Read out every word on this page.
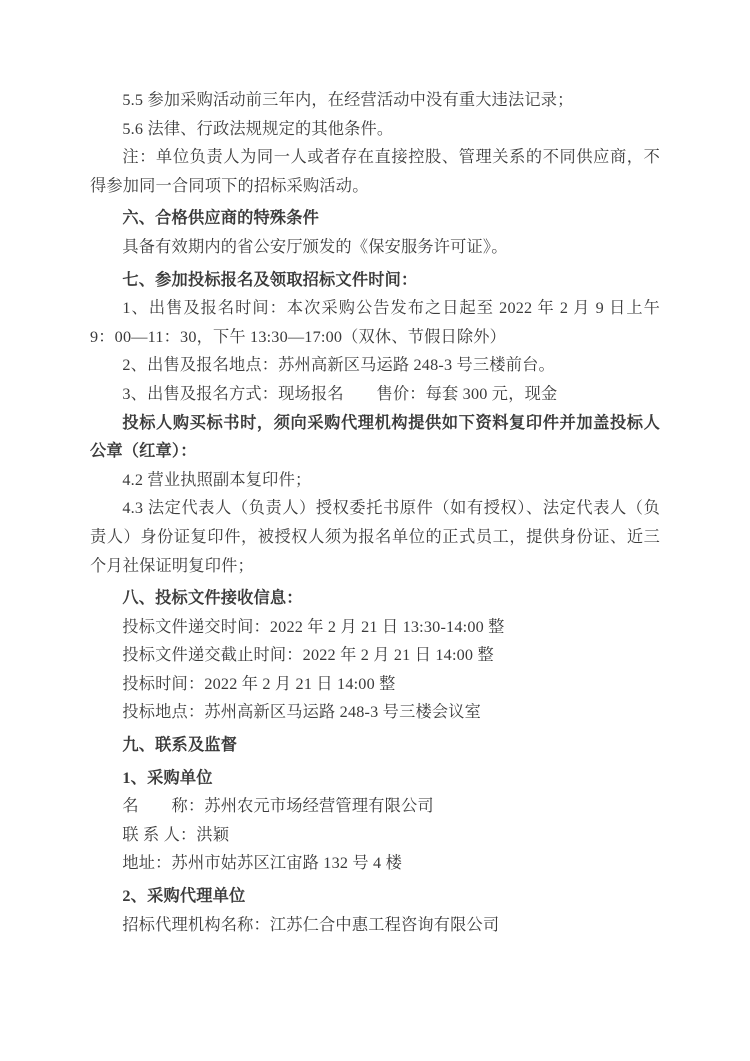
5.5 参加采购活动前三年内，在经营活动中没有重大违法记录；

5.6 法律、行政法规规定的其他条件。

注：单位负责人为同一人或者存在直接控股、管理关系的不同供应商，不得参加同一合同项下的招标采购活动。

六、合格供应商的特殊条件

具备有效期内的省公安厅颁发的《保安服务许可证》。

七、参加投标报名及领取招标文件时间：

1、出售及报名时间：本次采购公告发布之日起至 2022 年 2 月 9 日上午 9：00—11：30，下午 13:30—17:00（双休、节假日除外）

2、出售及报名地点：苏州高新区马运路 248-3 号三楼前台。

3、出售及报名方式：现场报名　　售价：每套 300 元，现金

投标人购买标书时，须向采购代理机构提供如下资料复印件并加盖投标人公章（红章）：

4.2 营业执照副本复印件；

4.3 法定代表人（负责人）授权委托书原件（如有授权）、法定代表人（负责人）身份证复印件，被授权人须为报名单位的正式员工，提供身份证、近三个月社保证明复印件；

八、投标文件接收信息：

投标文件递交时间：2022 年 2 月 21 日 13:30-14:00 整

投标文件递交截止时间：2022 年 2 月 21 日 14:00 整

投标时间：2022 年 2 月 21 日 14:00 整

投标地点：苏州高新区马运路 248-3 号三楼会议室

九、联系及监督

1、采购单位

名　　称：苏州农元市场经营管理有限公司

联 系 人：洪颖

地址：苏州市姑苏区江宙路 132 号 4 楼

2、采购代理单位

招标代理机构名称：江苏仁合中惠工程咨询有限公司
